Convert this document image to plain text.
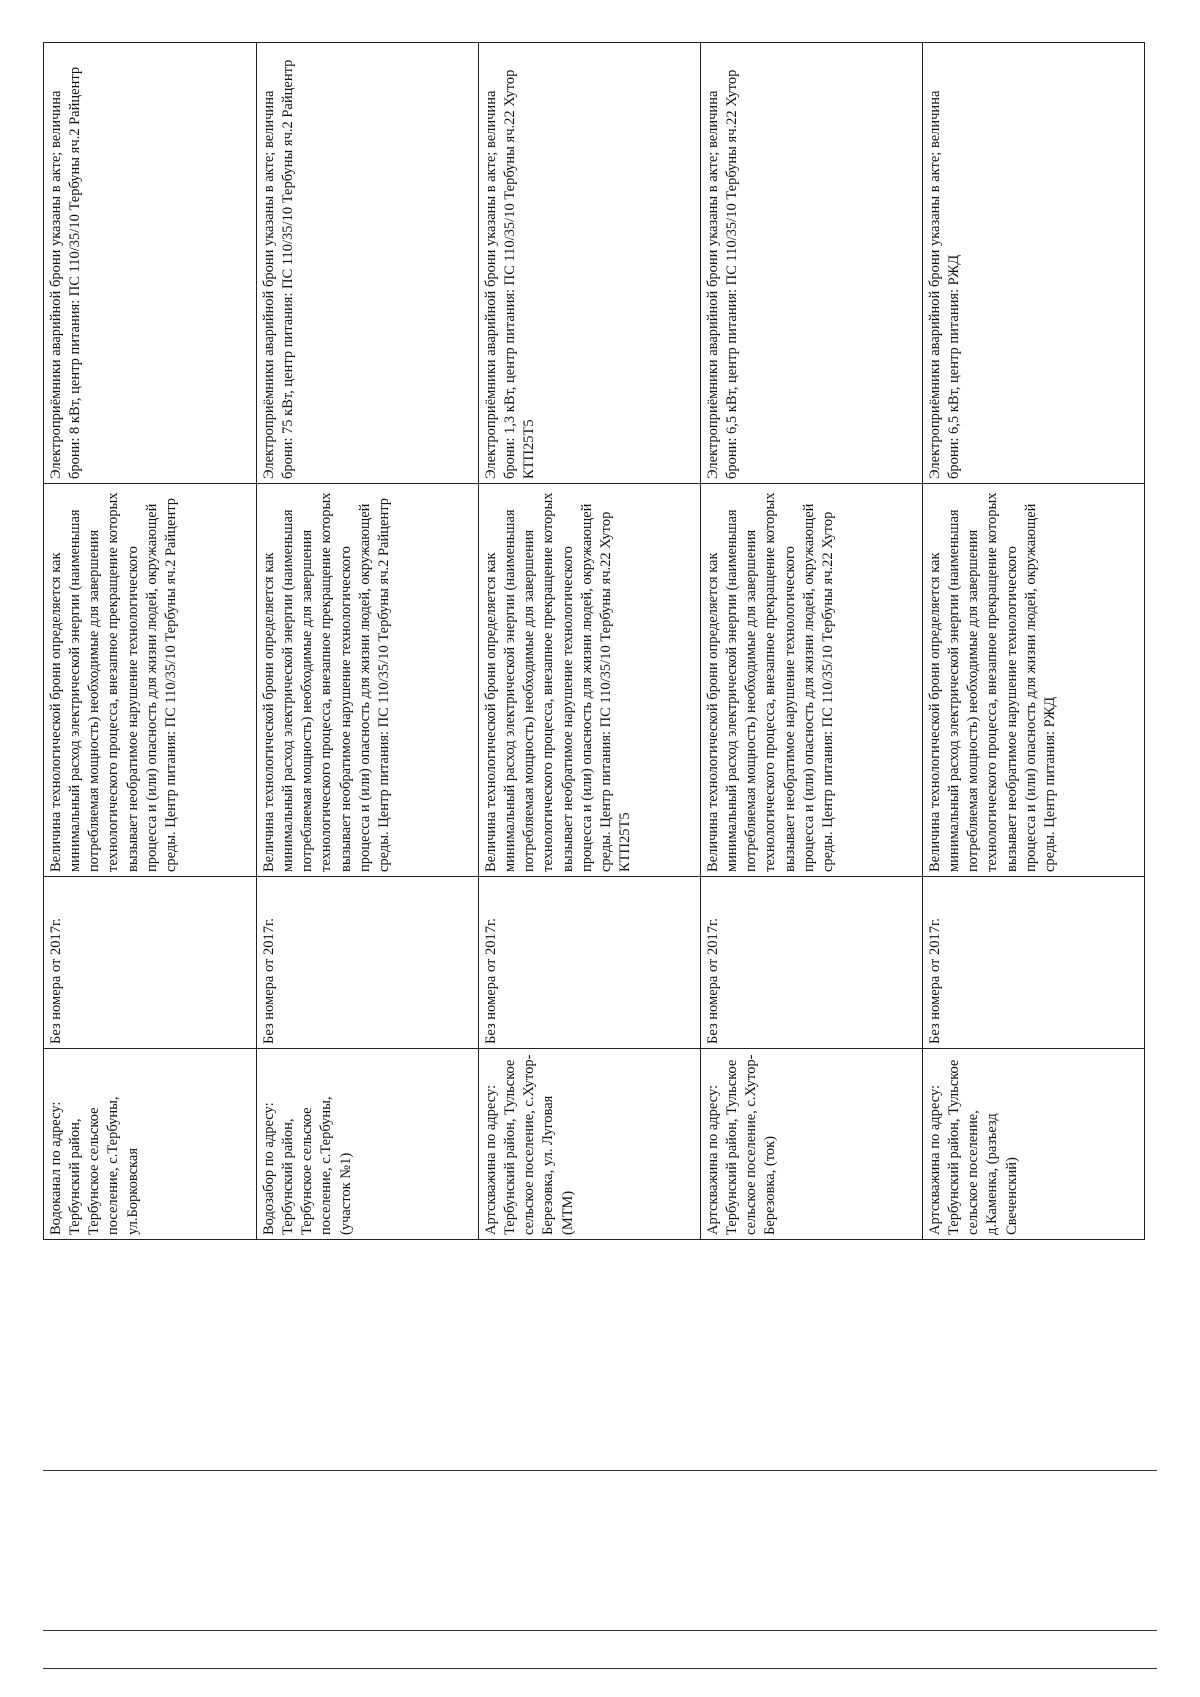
Водоканал по адресу: Тербунский район, Тербунское сельское поселение, с.Тербуны, ул.Борковская	Без номера от 2017г.	Величина технологической брони определяется как минимальный расход электрической энергии (наименьшая потребляемая мощность) необходимые для завершения технологического процесса, внезапное прекращение которых вызывает необратимое нарушение технологического процесса и (или) опасность для жизни людей, окружающей среды. Центр питания: ПС 110/35/10 Тербуны яч.2 Райцентр	Электроприёмники аварийной брони указаны в акте; величина брони: 8 кВт, центр питания: ПС 110/35/10 Тербуны яч.2 Райцентр
Водозабор по адресу: Тербунский район, Тербунское сельское поселение, с.Тербуны, (участок №1)	Без номера от 2017г.	Величина технологической брони определяется как минимальный расход электрической энергии (наименьшая потребляемая мощность) необходимые для завершения технологического процесса, внезапное прекращение которых вызывает необратимое нарушение технологического процесса и (или) опасность для жизни людей, окружающей среды. Центр питания: ПС 110/35/10 Тербуны яч.2 Райцентр	Электроприёмники аварийной брони указаны в акте; величина брони: 75 кВт, центр питания: ПС 110/35/10 Тербуны яч.2 Райцентр
Артскважина по адресу: Тербунский район, Тульское сельское поселение, с.Хутор-Березовка, ул. Луговая (МТМ)	Без номера от 2017г.	Величина технологической брони определяется как минимальный расход электрической энергии (наименьшая потребляемая мощность) необходимые для завершения технологического процесса, внезапное прекращение которых вызывает необратимое нарушение технологического процесса и (или) опасность для жизни людей, окружающей среды. Центр питания: ПС 110/35/10 Тербуны яч.22 Хутор КТП25Т5	Электроприёмники аварийной брони указаны в акте; величина брони: 1,3 кВт, центр питания: ПС 110/35/10 Тербуны яч.22 Хутор КТП25Т5
Артскважина по адресу: Тербунский район, Тульское сельское поселение, с.Хутор-Березовка, (ток)	Без номера от 2017г.	Величина технологической брони определяется как минимальный расход электрической энергии (наименьшая потребляемая мощность) необходимые для завершения технологического процесса, внезапное прекращение которых вызывает необратимое нарушение технологического процесса и (или) опасность для жизни людей, окружающей среды. Центр питания: ПС 110/35/10 Тербуны яч.22 Хутор	Электроприёмники аварийной брони указаны в акте; величина брони: 6,5 кВт, центр питания: ПС 110/35/10 Тербуны яч.22 Хутор
Артскважина по адресу: Тербунский район, Тульское сельское поселение, д.Каменка, (разъезд Свеченский)	Без номера от 2017г.	Величина технологической брони определяется как минимальный расход электрической энергии (наименьшая потребляемая мощность) необходимые для завершения технологического процесса, внезапное прекращение которых вызывает необратимое нарушение технологического процесса и (или) опасность для жизни людей, окружающей среды. Центр питания: РЖД	Электроприёмники аварийной брони указаны в акте; величина брони: 6,5 кВт, центр питания: РЖД
